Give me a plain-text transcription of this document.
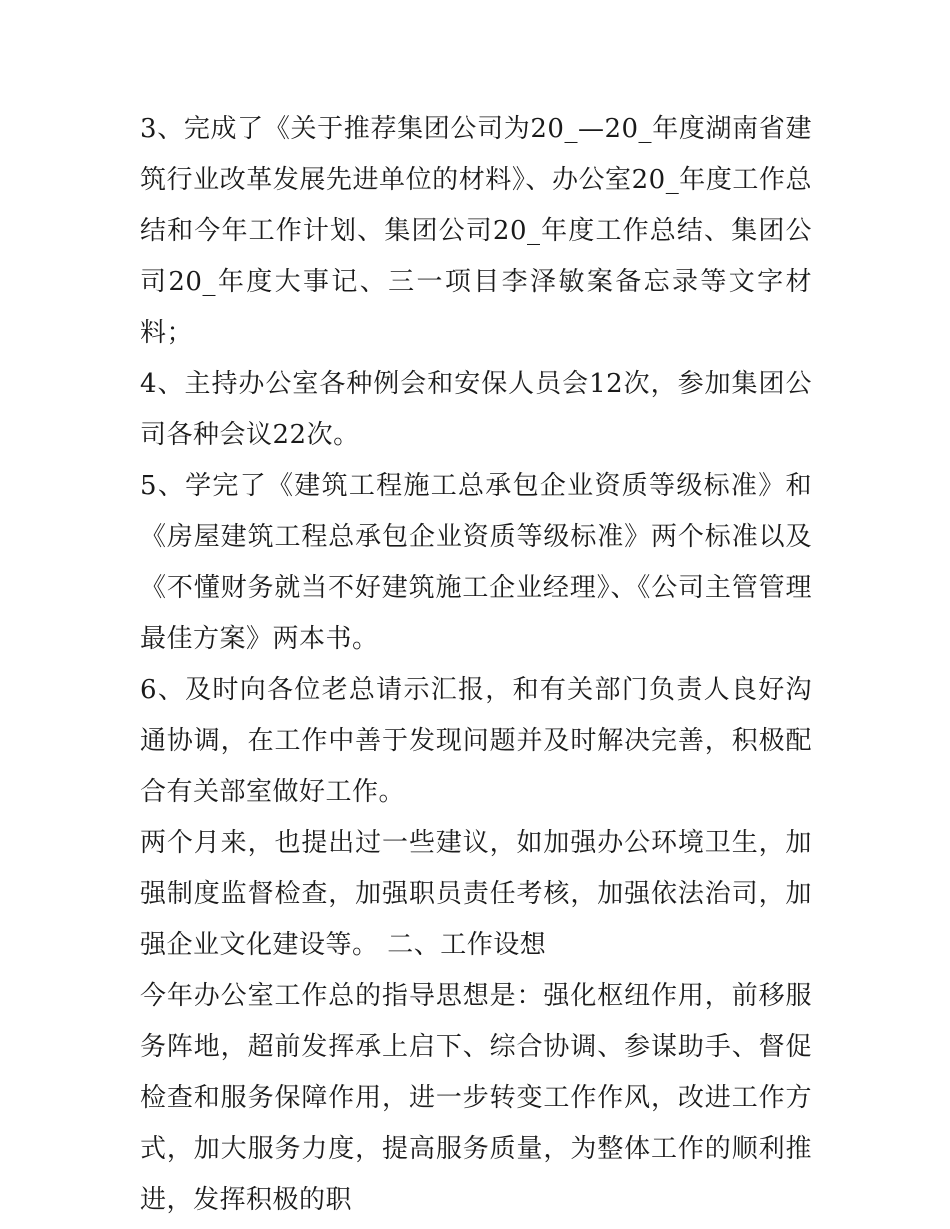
3、完成了《关于推荐集团公司为20_—20_年度湖南省建筑行业改革发展先进单位的材料》、办公室20_年度工作总结和今年工作计划、集团公司20_年度工作总结、集团公司20_年度大事记、三一项目李泽敏案备忘录等文字材料；

4、主持办公室各种例会和安保人员会12次，参加集团公司各种会议22次。

5、学完了《建筑工程施工总承包企业资质等级标准》和《房屋建筑工程总承包企业资质等级标准》两个标准以及《不懂财务就当不好建筑施工企业经理》、《公司主管管理最佳方案》两本书。

6、及时向各位老总请示汇报，和有关部门负责人良好沟通协调，在工作中善于发现问题并及时解决完善，积极配合有关部室做好工作。

两个月来，也提出过一些建议，如加强办公环境卫生，加强制度监督检查，加强职员责任考核，加强依法治司，加强企业文化建设等。 二、工作设想

今年办公室工作总的指导思想是：强化枢纽作用，前移服务阵地，超前发挥承上启下、综合协调、参谋助手、督促检查和服务保障作用，进一步转变工作作风，改进工作方式，加大服务力度，提高服务质量，为整体工作的顺利推进，发挥积极的职
